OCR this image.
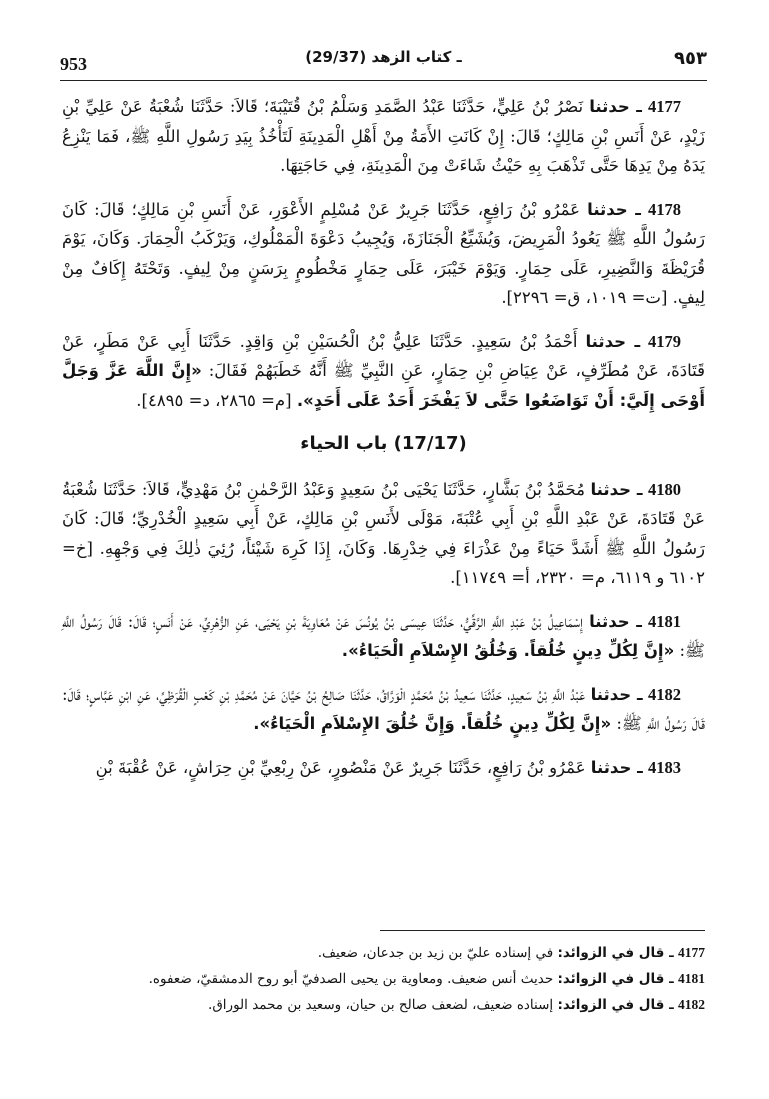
953	(29/37) ـ كتاب الزهد	٩٥٣

4177 ـ حدثنا نَصْرُ بْنُ عَلِيٍّ، حَدَّثَنَا عَبْدُ الصَّمَدِ وَسَلْمُ بْنُ قُتَيْبَةَ؛ قَالاَ: حَدَّثَنَا شُعْبَةُ عَنْ عَلِيِّ بْنِ زَيْدٍ، عَنْ أَنَسِ بْنِ مَالِكٍ؛ قَالَ: إِنْ كَانَتِ الأَمَةُ مِنْ أَهْلِ الْمَدِينَةِ لَتَأْخُذُ بِيَدِ رَسُولِ اللَّهِ ﷺ، فَمَا يَنْزِعُ يَدَهُ مِنْ يَدِهَا حَتَّى تَذْهَبَ بِهِ حَيْثُ شَاءَتْ مِنَ الْمَدِينَةِ، فِي حَاجَتِهَا.

4178 ـ حدثنا عَمْرُو بْنُ رَافِعٍ، حَدَّثَنَا جَرِيرٌ عَنْ مُسْلِمٍ الأَعْوَرِ، عَنْ أَنَسِ بْنِ مَالِكٍ؛ قَالَ: كَانَ رَسُولُ اللَّهِ ﷺ يَعُودُ الْمَرِيضَ، وَيُشَيِّعُ الْجَنَازَةَ، وَيُجِيبُ دَعْوَةَ الْمَمْلُوكِ، وَيَرْكَبُ الْحِمَارَ. وَكَانَ، يَوْمَ قُرَيْظَةَ وَالنَّضِيرِ، عَلَى حِمَارٍ. وَيَوْمَ خَيْبَرَ، عَلَى حِمَارٍ مَخْطُومٍ بِرَسَنٍ مِنْ لِيفٍ. وَتَحْتَهُ إِكَافٌ مِنْ لِيفٍ. [ت= ١٠١٩، ق= ٢٢٩٦].

4179 ـ حدثنا أَحْمَدُ بْنُ سَعِيدٍ. حَدَّثَنَا عَلِيُّ بْنُ الْحُسَيْنِ بْنِ وَاقِدٍ. حَدَّثَنَا أَبِي عَنْ مَطَرٍ، عَنْ قَتَادَةَ، عَنْ مُطَرِّفٍ، عَنْ عِيَاضِ بْنِ حِمَارٍ، عَنِ النَّبِيِّ ﷺ أَنَّهُ خَطَبَهُمْ فَقَالَ: «إِنَّ اللَّهَ عَزَّ وَجَلَّ أَوْحَى إِلَيَّ: أَنْ تَوَاضَعُوا حَتَّى لاَ يَفْخَرَ أَحَدٌ عَلَى أَحَدٍ». [م= ٢٨٦٥، د= ٤٨٩٥].

(17/17) باب الحياء

4180 ـ حدثنا مُحَمَّدُ بْنُ بَشَّارٍ، حَدَّثَنَا يَحْيَى بْنُ سَعِيدٍ وَعَبْدُ الرَّحْمٰنِ بْنُ مَهْدِيٍّ، قَالاَ: حَدَّثَنَا شُعْبَةُ عَنْ قَتَادَةَ، عَنْ عَبْدِ اللَّهِ بْنِ أَبِي عُتْبَةَ، مَوْلَى لأَنَسِ بْنِ مَالِكٍ، عَنْ أَبِي سَعِيدٍ الْخُدْرِيِّ؛ قَالَ: كَانَ رَسُولُ اللَّهِ ﷺ أَشَدَّ حَيَاءً مِنْ عَذْرَاءَ فِي خِدْرِهَا. وَكَانَ، إِذَا كَرِهَ شَيْئاً، رُئِيَ ذٰلِكَ فِي وَجْهِهِ. [خ= ٦١٠٢ و ٦١١٩، م= ٢٣٢٠، أ= ١١٧٤٩].

4181 ـ حدثنا إِسْمَاعِيلُ بْنُ عَبْدِ اللَّهِ الرَّقِّيُّ، حَدَّثَنَا عِيسَى بْنُ يُونُسَ عَنْ مُعَاوِيَةَ بْنِ يَحْيَى، عَنِ الزُّهْرِيِّ، عَنْ أَنَسٍ؛ قَالَ: قَالَ رَسُولُ اللَّهِ ﷺ: «إِنَّ لِكُلِّ دِينٍ خُلُقاً. وَخُلُقُ الإِسْلاَمِ الْحَيَاءُ».

4182 ـ حدثنا عَبْدُ اللَّهِ بْنُ سَعِيدٍ، حَدَّثَنَا سَعِيدُ بْنُ مُحَمَّدٍ الْوَرَّاقُ، حَدَّثَنَا صَالِحُ بْنُ حَيَّانَ عَنْ مُحَمَّدِ بْنِ كَعْبٍ الْقُرَظِيِّ، عَنِ ابْنِ عَبَّاسٍ؛ قَالَ: قَالَ رَسُولُ اللَّهِ ﷺ: «إِنَّ لِكُلِّ دِينٍ خُلُقاً. وَإِنَّ خُلُقَ الإِسْلاَمِ الْحَيَاءُ».

4183 ـ حدثنا عَمْرُو بْنُ رَافِعٍ، حَدَّثَنَا جَرِيرٌ عَنْ مَنْصُورٍ، عَنْ رِبْعِيِّ بْنِ حِرَاشٍ، عَنْ عُقْبَةَ بْنِ

4177 ـ قال في الزوائد: في إسناده عليّ بن زيد بن جدعان، ضعيف.

4181 ـ قال في الزوائد: حديث أنس ضعيف. ومعاوية بن يحيى الصدفيّ أبو روح الدمشقيّ، ضعفوه.

4182 ـ قال في الزوائد: إسناده ضعيف، لضعف صالح بن حيان، وسعيد بن محمد الوراق.
